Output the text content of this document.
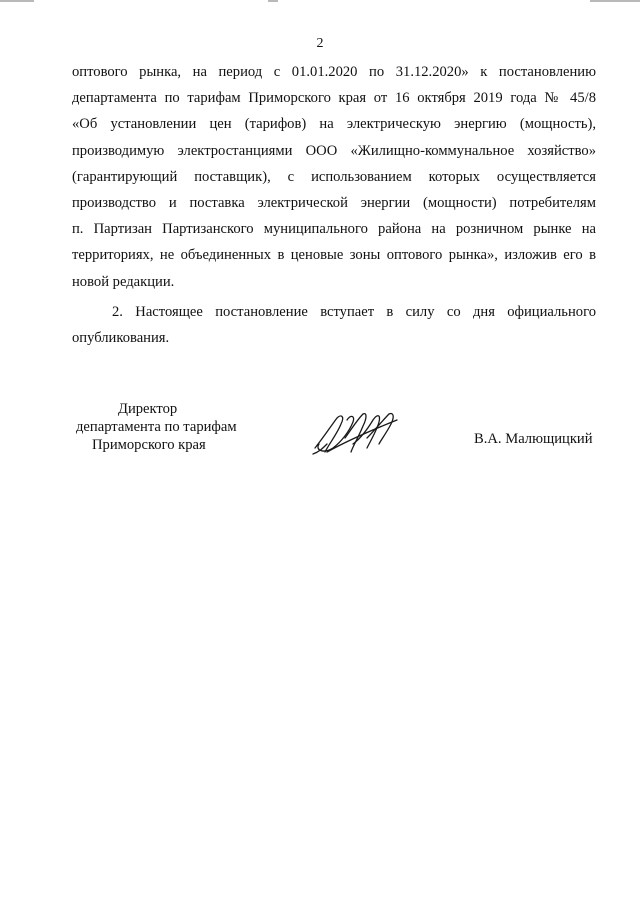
2

оптового рынка, на период с 01.01.2020 по 31.12.2020» к постановлению
департамента по тарифам Приморского края от 16 октября 2019 года № 45/8
«Об установлении цен (тарифов) на электрическую энергию (мощность),
производимую электростанциями ООО «Жилищно-коммунальное хозяйство»
(гарантирующий поставщик), с использованием которых осуществляется
производство и поставка электрической энергии (мощности) потребителям
п. Партизан Партизанского муниципального района на розничном рынке на
территориях, не объединенных в ценовые зоны оптового рынка», изложив его в
новой редакции.

2. Настоящее постановление вступает в силу со дня официального
опубликования.

Директор
департамента по тарифам
Приморского края	В.А. Малющицкий
